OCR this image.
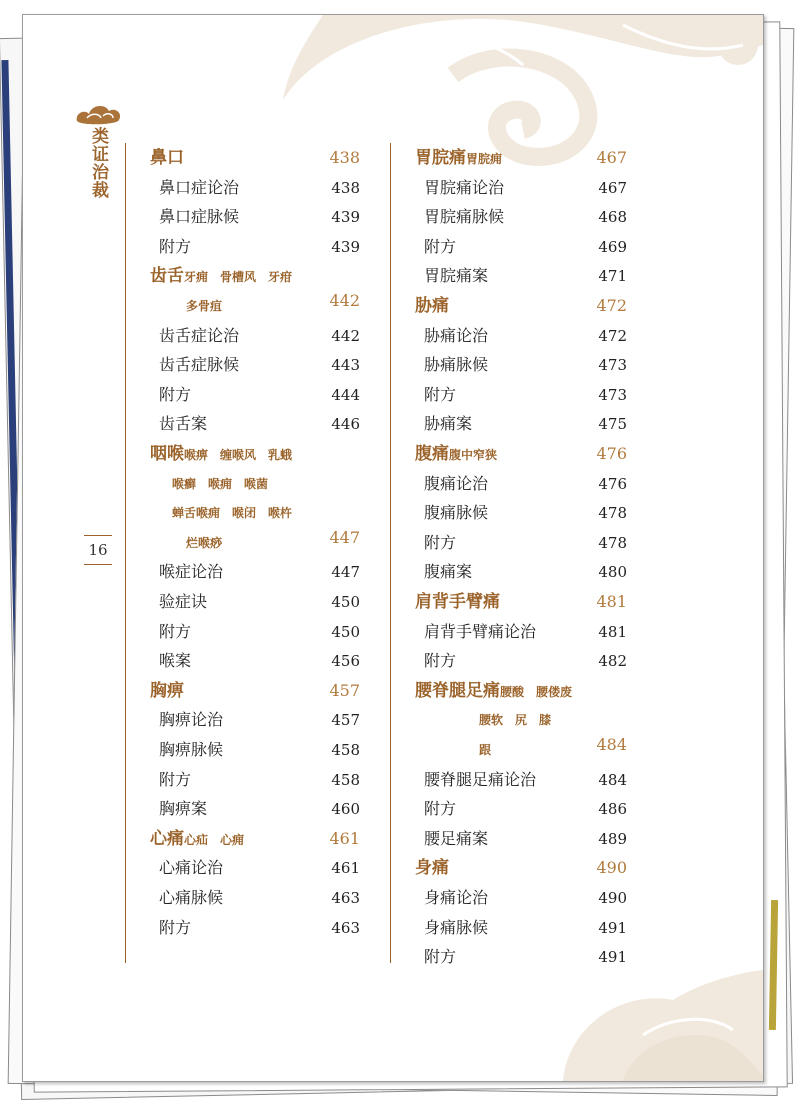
类证治裁
16
鼻口	438
鼻口症论治	438
鼻口症脉候	439
附方	439
齿舌牙痈　骨槽风　牙疳
多骨疽	442
齿舌症论治	442
齿舌症脉候	443
附方	444
齿舌案	446
咽喉喉痹　缠喉风　乳蛾
喉癣　喉痈　喉菌
蝉舌喉痈　喉闭　喉杵
烂喉痧	447
喉症论治	447
验症诀	450
附方	450
喉案	456
胸痹	457
胸痹论治	457
胸痹脉候	458
附方	458
胸痹案	460
心痛心疝　心痈	461
心痛论治	461
心痛脉候	463
附方	463
胃脘痛胃脘痈	467
胃脘痛论治	467
胃脘痛脉候	468
附方	469
胃脘痛案	471
胁痛	472
胁痛论治	472
胁痛脉候	473
附方	473
胁痛案	475
腹痛腹中窄狭	476
腹痛论治	476
腹痛脉候	478
附方	478
腹痛案	480
肩背手臂痛	481
肩背手臂痛论治	481
附方	482
腰脊腿足痛腰酸　腰偻废
腰软　尻　膝
跟	484
腰脊腿足痛论治	484
附方	486
腰足痛案	489
身痛	490
身痛论治	490
身痛脉候	491
附方	491
